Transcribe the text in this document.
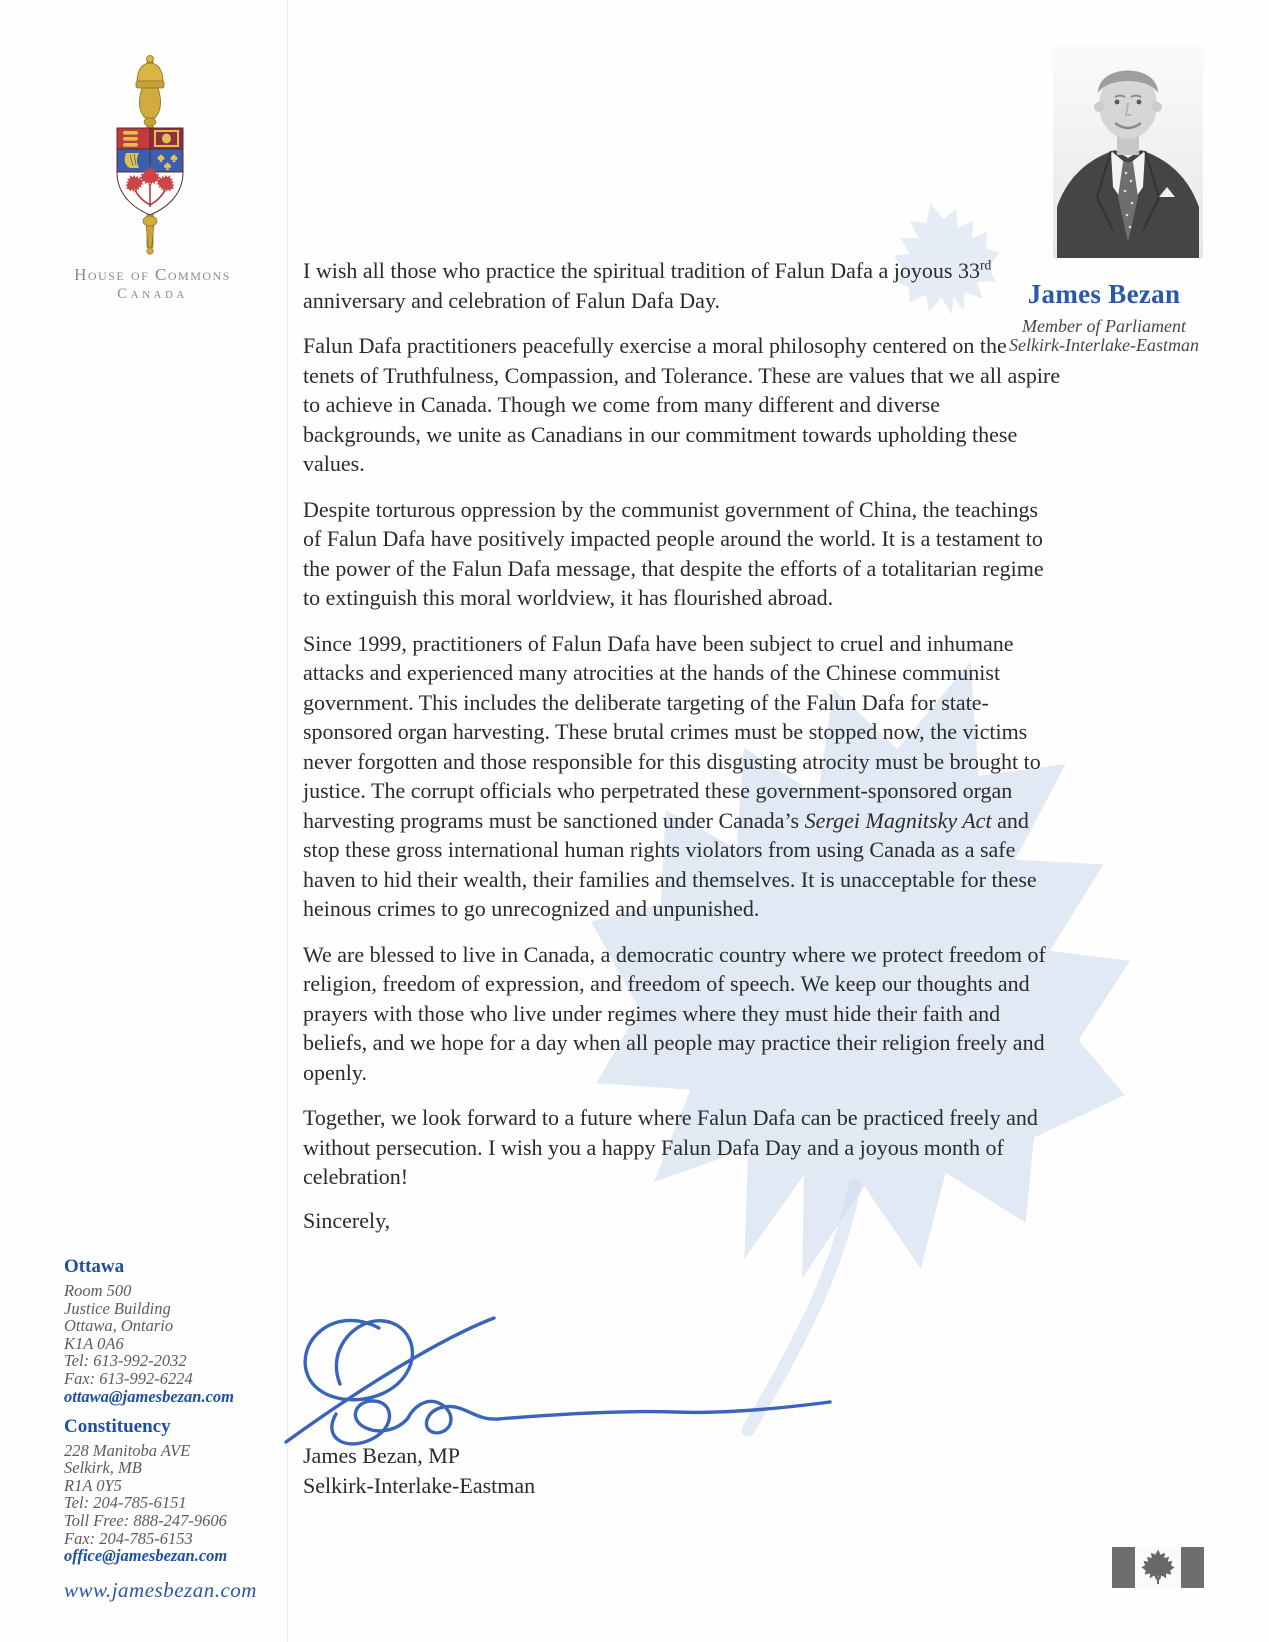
House of Commons
Canada	James Bezan
Member of Parliament
Selkirk-Interlake-Eastman

I wish all those who practice the spiritual tradition of Falun Dafa a joyous 33rd anniversary and celebration of Falun Dafa Day.

Falun Dafa practitioners peacefully exercise a moral philosophy centered on the tenets of Truthfulness, Compassion, and Tolerance. These are values that we all aspire to achieve in Canada. Though we come from many different and diverse backgrounds, we unite as Canadians in our commitment towards upholding these values.

Despite torturous oppression by the communist government of China, the teachings of Falun Dafa have positively impacted people around the world. It is a testament to the power of the Falun Dafa message, that despite the efforts of a totalitarian regime to extinguish this moral worldview, it has flourished abroad.

Since 1999, practitioners of Falun Dafa have been subject to cruel and inhumane attacks and experienced many atrocities at the hands of the Chinese communist government. This includes the deliberate targeting of the Falun Dafa for state-sponsored organ harvesting. These brutal crimes must be stopped now, the victims never forgotten and those responsible for this disgusting atrocity must be brought to justice. The corrupt officials who perpetrated these government-sponsored organ harvesting programs must be sanctioned under Canada’s Sergei Magnitsky Act and stop these gross international human rights violators from using Canada as a safe haven to hid their wealth, their families and themselves. It is unacceptable for these heinous crimes to go unrecognized and unpunished.

We are blessed to live in Canada, a democratic country where we protect freedom of religion, freedom of expression, and freedom of speech. We keep our thoughts and prayers with those who live under regimes where they must hide their faith and beliefs, and we hope for a day when all people may practice their religion freely and openly.

Together, we look forward to a future where Falun Dafa can be practiced freely and without persecution. I wish you a happy Falun Dafa Day and a joyous month of celebration!

Sincerely,
James Bezan, MP
Selkirk-Interlake-Eastman
Ottawa
Room 500
Justice Building
Ottawa, Ontario
K1A 0A6
Tel: 613-992-2032
Fax: 613-992-6224
ottawa@jamesbezan.com
Constituency
228 Manitoba AVE
Selkirk, MB
R1A 0Y5
Tel: 204-785-6151
Toll Free: 888-247-9606
Fax: 204-785-6153
office@jamesbezan.com
www.jamesbezan.com
